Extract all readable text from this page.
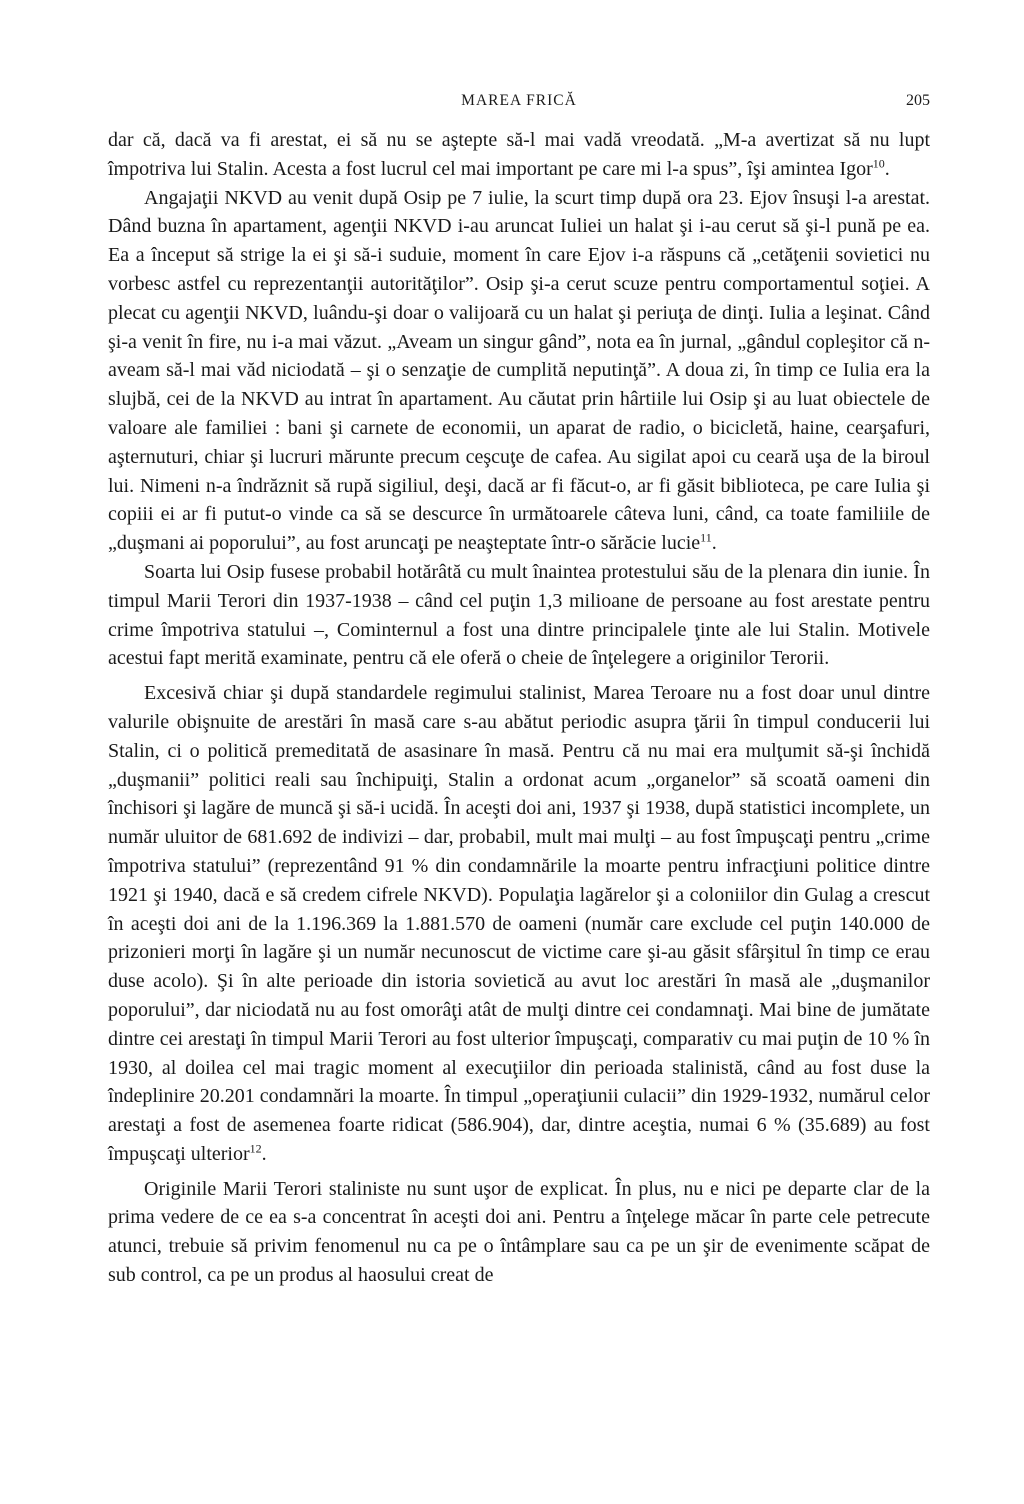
MAREA FRICĂ	205

dar că, dacă va fi arestat, ei să nu se aştepte să-l mai vadă vreodată. „M-a avertizat să nu lupt împotriva lui Stalin. Acesta a fost lucrul cel mai important pe care mi l-a spus”, îşi amintea Igor$^{10}$.

Angajaţii NKVD au venit după Osip pe 7 iulie, la scurt timp după ora 23. Ejov însuşi l-a arestat. Dând buzna în apartament, agenţii NKVD i-au aruncat Iuliei un halat şi i-au cerut să şi-l pună pe ea. Ea a început să strige la ei şi să-i suduie, moment în care Ejov i-a răspuns că „cetăţenii sovietici nu vorbesc astfel cu reprezentanţii autorităţilor”. Osip şi-a cerut scuze pentru comportamentul soţiei. A plecat cu agenţii NKVD, luându-şi doar o valijoară cu un halat şi periuţa de dinţi. Iulia a leşinat. Când şi-a venit în fire, nu i-a mai văzut. „Aveam un singur gând”, nota ea în jurnal, „gândul copleşitor că n-aveam să-l mai văd niciodată – şi o senzaţie de cumplită neputinţă”. A doua zi, în timp ce Iulia era la slujbă, cei de la NKVD au intrat în apartament. Au căutat prin hârtiile lui Osip şi au luat obiectele de valoare ale familiei : bani şi carnete de economii, un aparat de radio, o bicicletă, haine, cearşafuri, aşternuturi, chiar şi lucruri mărunte precum ceşcuţe de cafea. Au sigilat apoi cu ceară uşa de la biroul lui. Nimeni n-a îndrăznit să rupă sigiliul, deşi, dacă ar fi făcut-o, ar fi găsit biblioteca, pe care Iulia şi copiii ei ar fi putut-o vinde ca să se descurce în următoarele câteva luni, când, ca toate familiile de „duşmani ai poporului”, au fost aruncaţi pe neaşteptate într-o sărăcie lucie$^{11}$.

Soarta lui Osip fusese probabil hotărâtă cu mult înaintea protestului său de la plenara din iunie. În timpul Marii Terori din 1937-1938 – când cel puţin 1,3 milioane de persoane au fost arestate pentru crime împotriva statului –, Cominternul a fost una dintre principalele ţinte ale lui Stalin. Motivele acestui fapt merită examinate, pentru că ele oferă o cheie de înţelegere a originilor Terorii.

Excesivă chiar şi după standardele regimului stalinist, Marea Teroare nu a fost doar unul dintre valurile obişnuite de arestări în masă care s-au abătut periodic asupra ţării în timpul conducerii lui Stalin, ci o politică premeditată de asasinare în masă. Pentru că nu mai era mulţumit să-şi închidă „duşmanii” politici reali sau închipuiţi, Stalin a ordonat acum „organelor” să scoată oameni din închisori şi lagăre de muncă şi să-i ucidă. În aceşti doi ani, 1937 şi 1938, după statistici incomplete, un număr uluitor de 681.692 de indivizi – dar, probabil, mult mai mulţi – au fost împuşcaţi pentru „crime împotriva statului” (reprezentând 91 % din condamnările la moarte pentru infracţiuni politice dintre 1921 şi 1940, dacă e să credem cifrele NKVD). Populaţia lagărelor şi a coloniilor din Gulag a crescut în aceşti doi ani de la 1.196.369 la 1.881.570 de oameni (număr care exclude cel puţin 140.000 de prizonieri morţi în lagăre şi un număr necunoscut de victime care şi-au găsit sfârşitul în timp ce erau duse acolo). Şi în alte perioade din istoria sovietică au avut loc arestări în masă ale „duşmanilor poporului”, dar niciodată nu au fost omorâţi atât de mulţi dintre cei condamnaţi. Mai bine de jumătate dintre cei arestaţi în timpul Marii Terori au fost ulterior împuşcaţi, comparativ cu mai puţin de 10 % în 1930, al doilea cel mai tragic moment al execuţiilor din perioada stalinistă, când au fost duse la îndeplinire 20.201 condamnări la moarte. În timpul „operaţiunii culacii” din 1929-1932, numărul celor arestaţi a fost de asemenea foarte ridicat (586.904), dar, dintre aceştia, numai 6 % (35.689) au fost împuşcaţi ulterior$^{12}$.

Originile Marii Terori staliniste nu sunt uşor de explicat. În plus, nu e nici pe departe clar de la prima vedere de ce ea s-a concentrat în aceşti doi ani. Pentru a înţelege măcar în parte cele petrecute atunci, trebuie să privim fenomenul nu ca pe o întâmplare sau ca pe un şir de evenimente scăpat de sub control, ca pe un produs al haosului creat de
